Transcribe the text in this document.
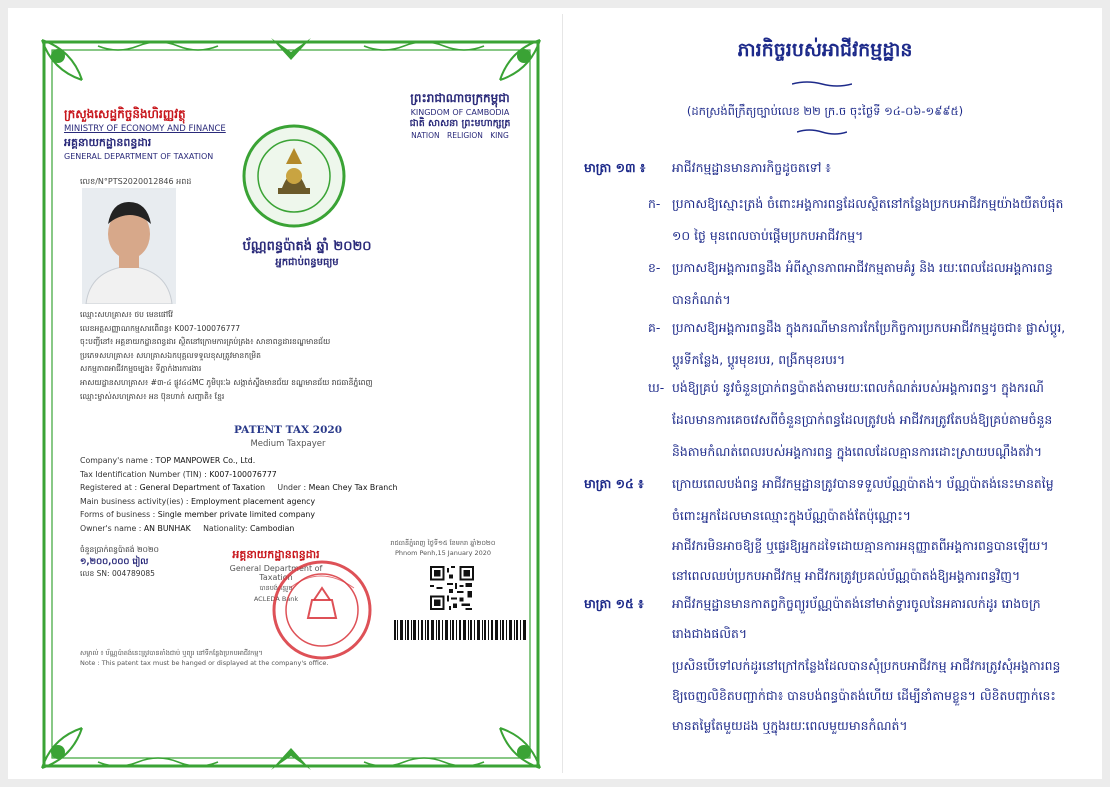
ក្រសួងសេដ្ឋកិច្ចនិងហិរញ្ញវត្ថុ
MINISTRY OF ECONOMY AND FINANCE
អគ្គនាយកដ្ឋានពន្ធដារ
GENERAL DEPARTMENT OF TAXATION
ព្រះរាជាណាចក្រកម្ពុជា
KINGDOM OF CAMBODIA
ជាតិ សាសនា ព្រះមហាក្សត្រ
NATION RELIGION KING
លេខ/N°PTS2020012846 អពដ
ប័ណ្ណពន្ធប៉ាតង់ ឆ្នាំ ២០២០
អ្នកជាប់ពន្ធមធ្យម
ឈ្មោះសហគ្រាស៖ ថប មេនផៅវ៉ែ
លេខអត្តសញ្ញាណកម្មសារពើពន្ធ៖ K007-100076777
ចុះបញ្ជីនៅ៖ អគ្គនាយកដ្ឋានពន្ធដារ ស្ថិតនៅក្រោមការគ្រប់គ្រង៖ សាខាពន្ធដារខណ្ឌមានជ័យ
ប្រភេទសហគ្រាស៖ សហគ្រាសឯកបុគ្គលទទួលខុសត្រូវមានកម្រិត
សកម្មភាពអាជីវកម្មចម្បង៖ ទីភ្នាក់ងារការងារ
អាសយដ្ឋានសហគ្រាស៖ #៣-៤ ផ្លូវ៤៤MC ភូមិបុរៈ៦ សង្កាត់ស្ទឹងមានជ័យ ខណ្ឌមានជ័យ រាជធានីភ្នំពេញ
ឈ្មោះម្ចាស់សហគ្រាស៖ អន ប៊ុនហាក់ សញ្ជាតិ៖ ខ្មែរ
PATENT TAX 2020
Medium Taxpayer
Company's name : TOP MANPOWER Co., Ltd.
Tax Identification Number (TIN) : K007-100076777
Registered at : General Department of Taxation     Under : Mean Chey Tax Branch
Main business activity(ies) : Employment placement agency
Forms of business : Single member private limited company
Owner's name : AN BUNHAK     Nationality: Cambodian
ចំនួនប្រាក់ពន្ធប៉ាតង់ ២០២០
១,២០០,០០០ រៀល
លេខ SN: 004789085
អគ្គនាយកដ្ឋានពន្ធដារ
General Department of Taxation
បានបង់ពន្ធរួច
ACLEDA Bank
រាជធានីភ្នំពេញ ថ្ងៃទី១៥ ខែមករា ឆ្នាំ២០២០
Phnom Penh,15 January 2020
សម្គាល់ ៖ ប័ណ្ណប៉ាតង់នេះត្រូវបានតាំងជាប់ ឬព្យួរ នៅទីកន្លែងប្រកបអាជីវកម្ម។
Note : This patent tax must be hanged or displayed at the company's office.
ភារកិច្ចរបស់អាជីវកម្មដ្ឋាន
(ដកស្រង់ពីក្រឹត្យច្បាប់លេខ ២២ ក្រ.ច ចុះថ្ងៃទី ១៤-០៦-១៩៩៥)
មាត្រា ១៣ ៖ អាជីវកម្មដ្ឋានមានភារកិច្ចដូចតទៅ ៖
ក- ប្រកាសឱ្យស្មោះត្រង់ ចំពោះអង្គការពន្ធដែលស្ថិតនៅកន្លែងប្រកបអាជីវកម្មយ៉ាងយឺតបំផុត
១០ ថ្ងៃ មុនពេលចាប់ផ្តើមប្រកបអាជីវកម្ម។
ខ- ប្រកាសឱ្យអង្គការពន្ធដឹង អំពីស្ថានភាពអាជីវកម្មតាមគំរូ និង រយៈពេលដែលអង្គការពន្ធ
បានកំណត់។
គ- ប្រកាសឱ្យអង្គការពន្ធដឹង ក្នុងករណីមានការកែប្រែកិច្ចការប្រកបអាជីវកម្មដូចជា៖ ផ្លាស់ប្តូរ,
ប្តូរទីកន្លែង, ប្តូរមុខរបរ, ពង្រីកមុខរបរ។
ឃ- បង់ឱ្យគ្រប់ នូវចំនួនប្រាក់ពន្ធប៉ាតង់តាមរយៈពេលកំណត់របស់អង្គការពន្ធ។ ក្នុងករណី
ដែលមានការគេចវេសពីចំនួនប្រាក់ពន្ធដែលត្រូវបង់ អាជីវករត្រូវតែបង់ឱ្យគ្រប់តាមចំនួន
និងតាមកំណត់ពេលរបស់អង្គការពន្ធ ក្នុងពេលដែលគ្មានការដោះស្រាយបណ្តឹងតវ៉ា។
មាត្រា ១៤ ៖ ក្រោយពេលបង់ពន្ធ អាជីវកម្មដ្ឋានត្រូវបានទទួលប័ណ្ណប៉ាតង់។ ប័ណ្ណប៉ាតង់នេះមានតម្លៃ
ចំពោះអ្នកដែលមានឈ្មោះក្នុងប័ណ្ណប៉ាតង់តែប៉ុណ្ណោះ។
អាជីវករមិនអាចឱ្យខ្ចី ឬផ្ទេរឱ្យអ្នកដទៃដោយគ្មានការអនុញ្ញាតពីអង្គការពន្ធបានឡើយ។
នៅពេលឈប់ប្រកបអាជីវកម្ម អាជីវករត្រូវប្រគល់ប័ណ្ណប៉ាតង់ឱ្យអង្គការពន្ធវិញ។
មាត្រា ១៥ ៖ អាជីវកម្មដ្ឋានមានកាតព្វកិច្ចព្យួរប័ណ្ណប៉ាតង់នៅមាត់ទ្វារចូលនៃអគារលក់ដូរ រោងចក្រ
រោងជាងផលិត។
ប្រសិនបើទៅលក់ដូរនៅក្រៅកន្លែងដែលបានសុំប្រកបអាជីវកម្ម អាជីវករត្រូវសុំអង្គការពន្ធ
ឱ្យចេញលិខិតបញ្ជាក់ជា៖ បានបង់ពន្ធប៉ាតង់ហើយ ដើម្បីនាំតាមខ្លួន។ លិខិតបញ្ជាក់នេះ
មានតម្លៃតែមួយដង ឬក្នុងរយៈពេលមួយមានកំណត់។
